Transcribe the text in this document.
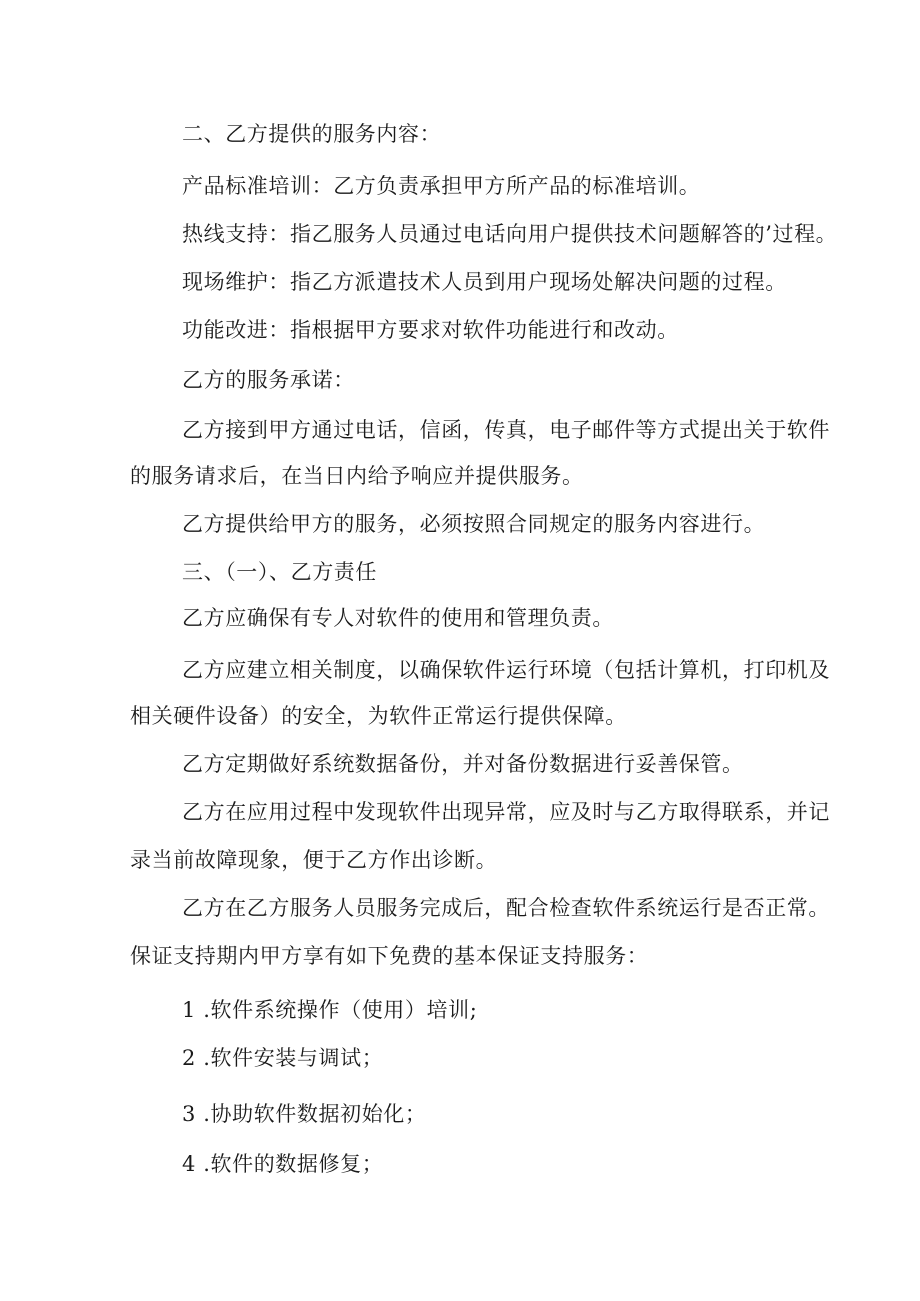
二、乙方提供的服务内容：
产品标准培训：乙方负责承担甲方所产品的标准培训。
热线支持：指乙服务人员通过电话向用户提供技术问题解答的’过程。
现场维护：指乙方派遣技术人员到用户现场处解决问题的过程。
功能改进：指根据甲方要求对软件功能进行和改动。
乙方的服务承诺：
乙方接到甲方通过电话，信函，传真，电子邮件等方式提出关于软件
的服务请求后，在当日内给予响应并提供服务。
乙方提供给甲方的服务，必须按照合同规定的服务内容进行。
三、（一）、乙方责任
乙方应确保有专人对软件的使用和管理负责。
乙方应建立相关制度，以确保软件运行环境（包括计算机，打印机及
相关硬件设备）的安全，为软件正常运行提供保障。
乙方定期做好系统数据备份，并对备份数据进行妥善保管。
乙方在应用过程中发现软件出现异常，应及时与乙方取得联系，并记
录当前故障现象，便于乙方作出诊断。
乙方在乙方服务人员服务完成后，配合检查软件系统运行是否正常。
保证支持期内甲方享有如下免费的基本保证支持服务：
1 .软件系统操作（使用）培训;
2 .软件安装与调试；
3 .协助软件数据初始化；
4 .软件的数据修复；
